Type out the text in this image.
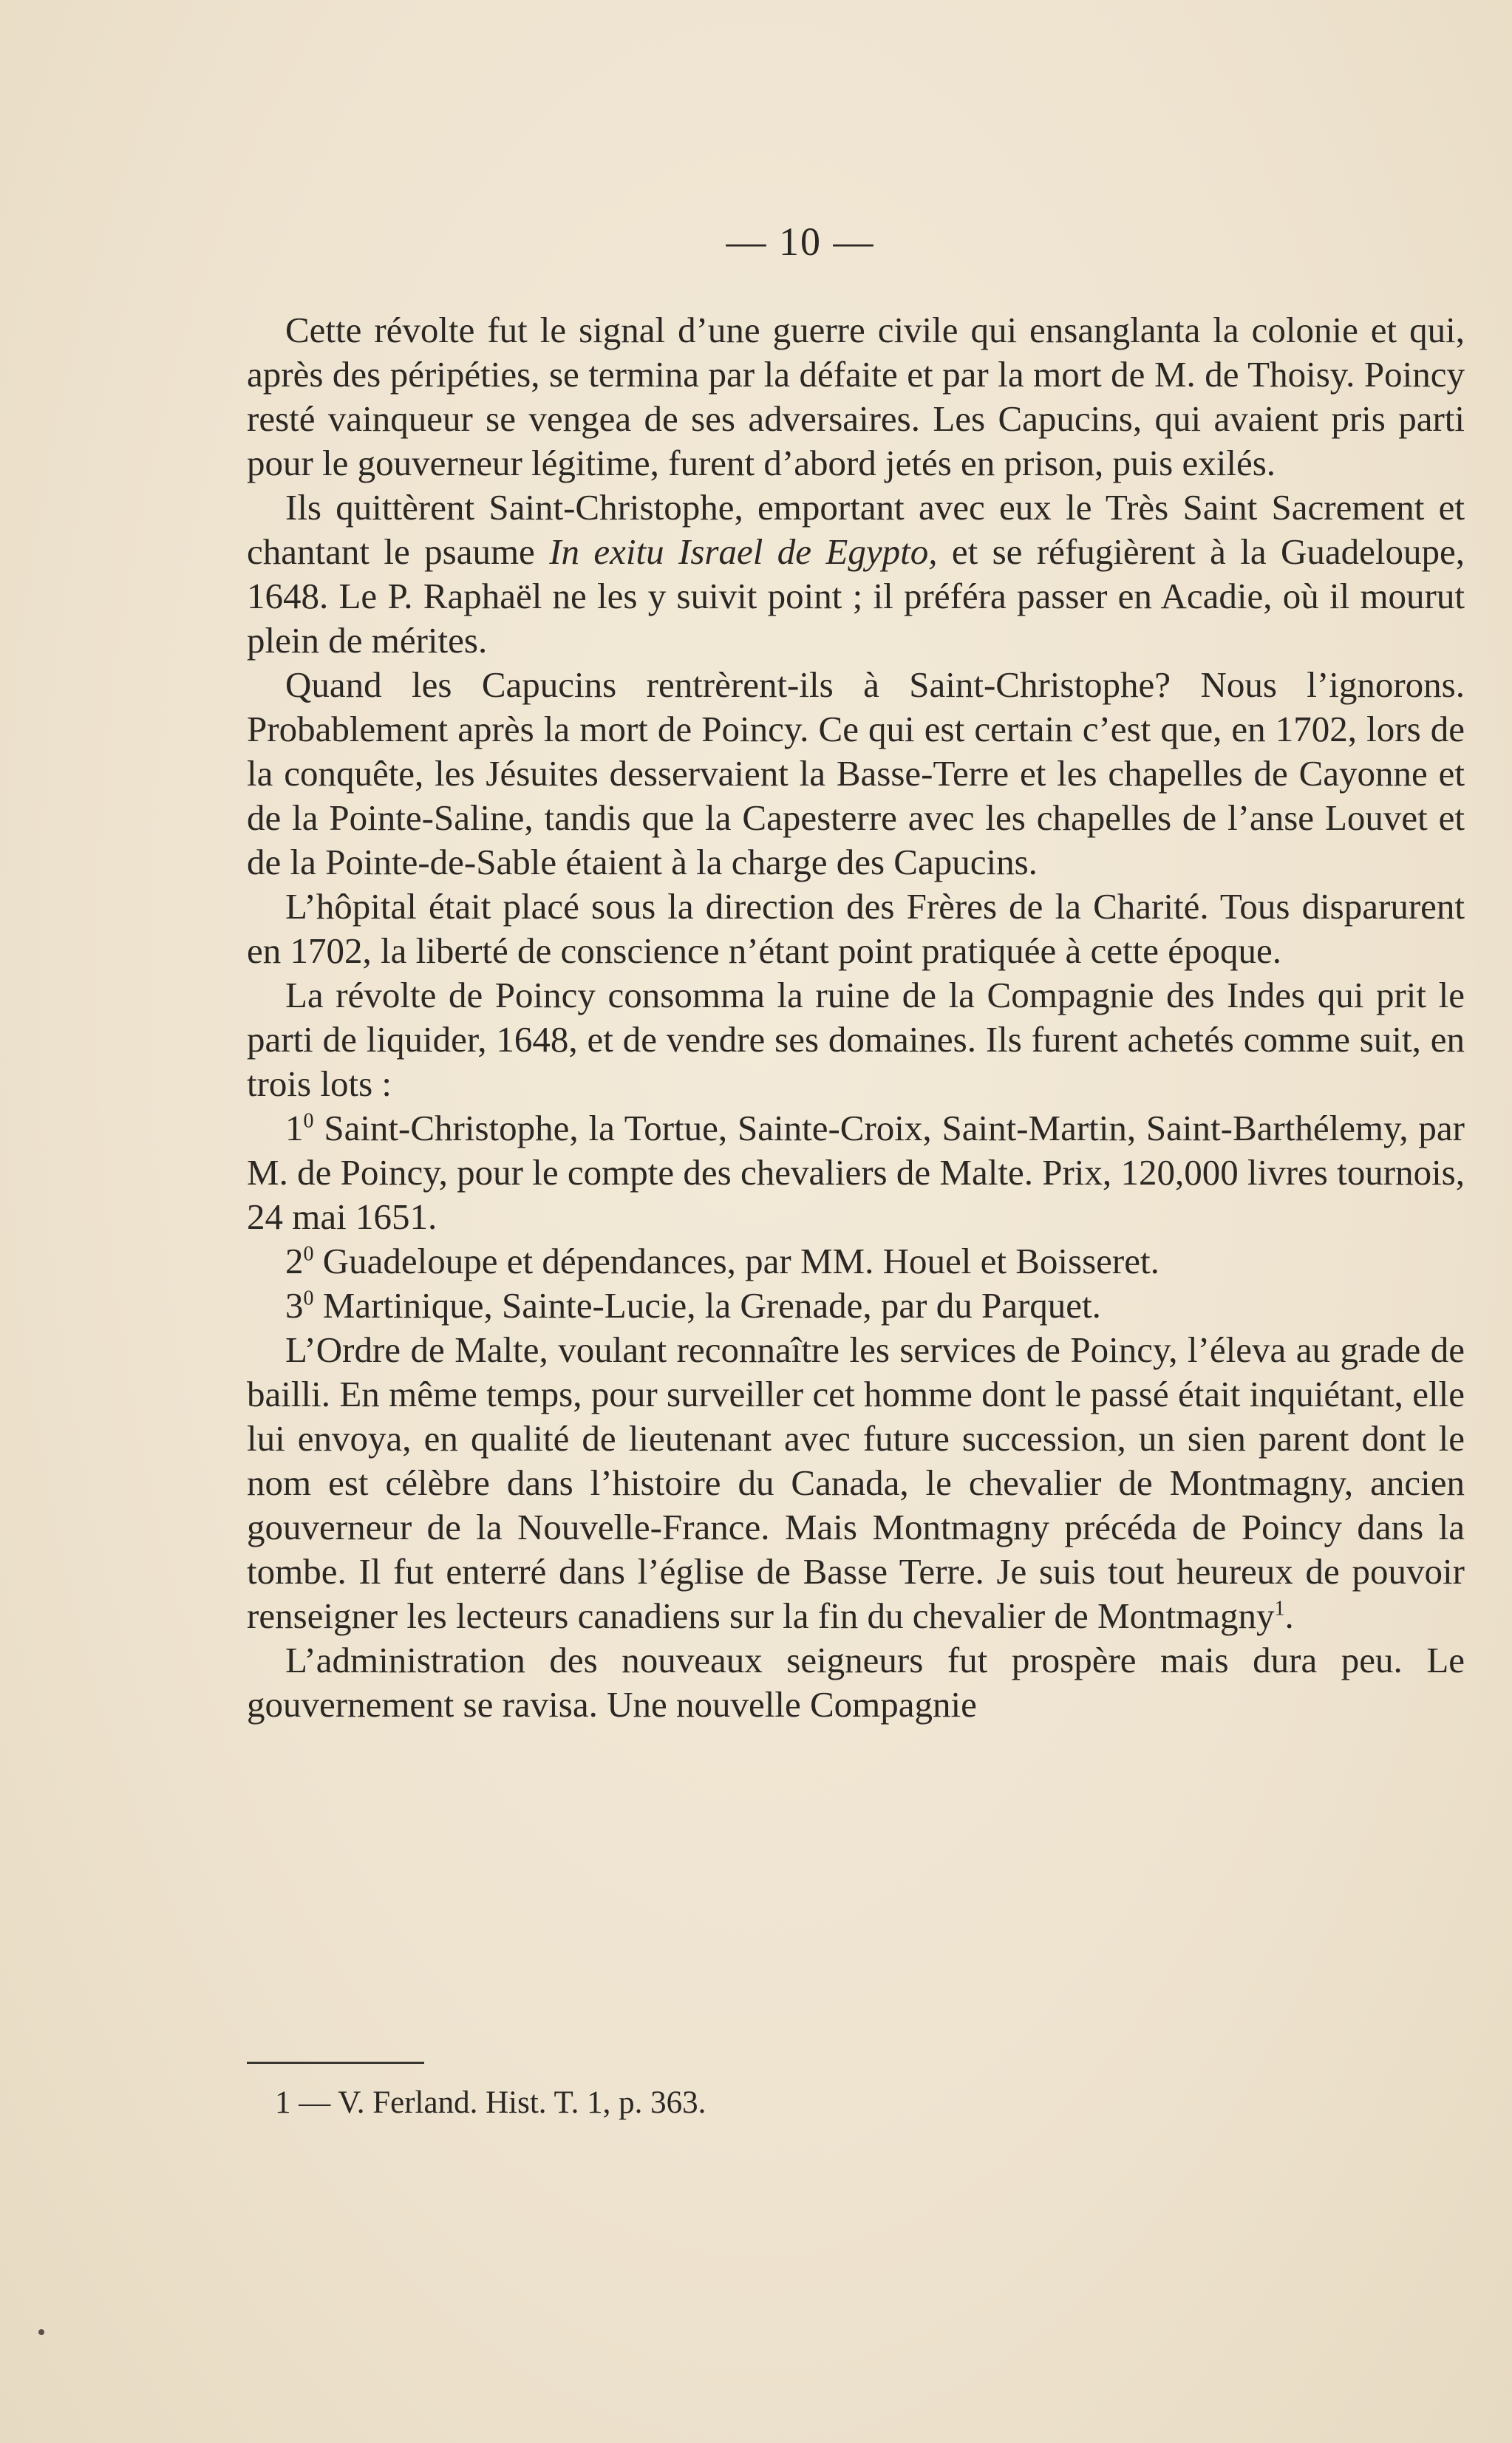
— 10 —

Cette révolte fut le signal d’une guerre civile qui ensanglanta la colonie et qui, après des péripéties, se termina par la défaite et par la mort de M. de Thoisy. Poincy resté vainqueur se vengea de ses adversaires. Les Capucins, qui avaient pris parti pour le gouverneur légitime, furent d’abord jetés en prison, puis exilés.

Ils quittèrent Saint-Christophe, emportant avec eux le Très Saint Sacrement et chantant le psaume In exitu Israel de Egypto, et se réfugièrent à la Guadeloupe, 1648. Le P. Raphaël ne les y suivit point ; il préféra passer en Acadie, où il mourut plein de mérites.

Quand les Capucins rentrèrent-ils à Saint-Christophe? Nous l’ignorons. Probablement après la mort de Poincy. Ce qui est certain c’est que, en 1702, lors de la conquête, les Jésuites desservaient la Basse-Terre et les chapelles de Cayonne et de la Pointe-Saline, tandis que la Capesterre avec les chapelles de l’anse Louvet et de la Pointe-de-Sable étaient à la charge des Capucins.

L’hôpital était placé sous la direction des Frères de la Charité. Tous disparurent en 1702, la liberté de conscience n’étant point pratiquée à cette époque.

La révolte de Poincy consomma la ruine de la Compagnie des Indes qui prit le parti de liquider, 1648, et de vendre ses domaines. Ils furent achetés comme suit, en trois lots :

$1^0$ Saint-Christophe, la Tortue, Sainte-Croix, Saint-Martin, Saint-Barthélemy, par M. de Poincy, pour le compte des chevaliers de Malte. Prix, 120,000 livres tournois, 24 mai 1651.

$2^0$ Guadeloupe et dépendances, par MM. Houel et Boisseret.

$3^0$ Martinique, Sainte-Lucie, la Grenade, par du Parquet.

L’Ordre de Malte, voulant reconnaître les services de Poincy, l’éleva au grade de bailli. En même temps, pour surveiller cet homme dont le passé était inquiétant, elle lui envoya, en qualité de lieutenant avec future succession, un sien parent dont le nom est célèbre dans l’histoire du Canada, le chevalier de Montmagny, ancien gouverneur de la Nouvelle-France. Mais Montmagny précéda de Poincy dans la tombe. Il fut enterré dans l’église de Basse Terre. Je suis tout heureux de pouvoir renseigner les lecteurs canadiens sur la fin du chevalier de Montmagny$^1$.

L’administration des nouveaux seigneurs fut prospère mais dura peu. Le gouvernement se ravisa. Une nouvelle Compagnie

1 — V. Ferland. Hist. T. 1, p. 363.
